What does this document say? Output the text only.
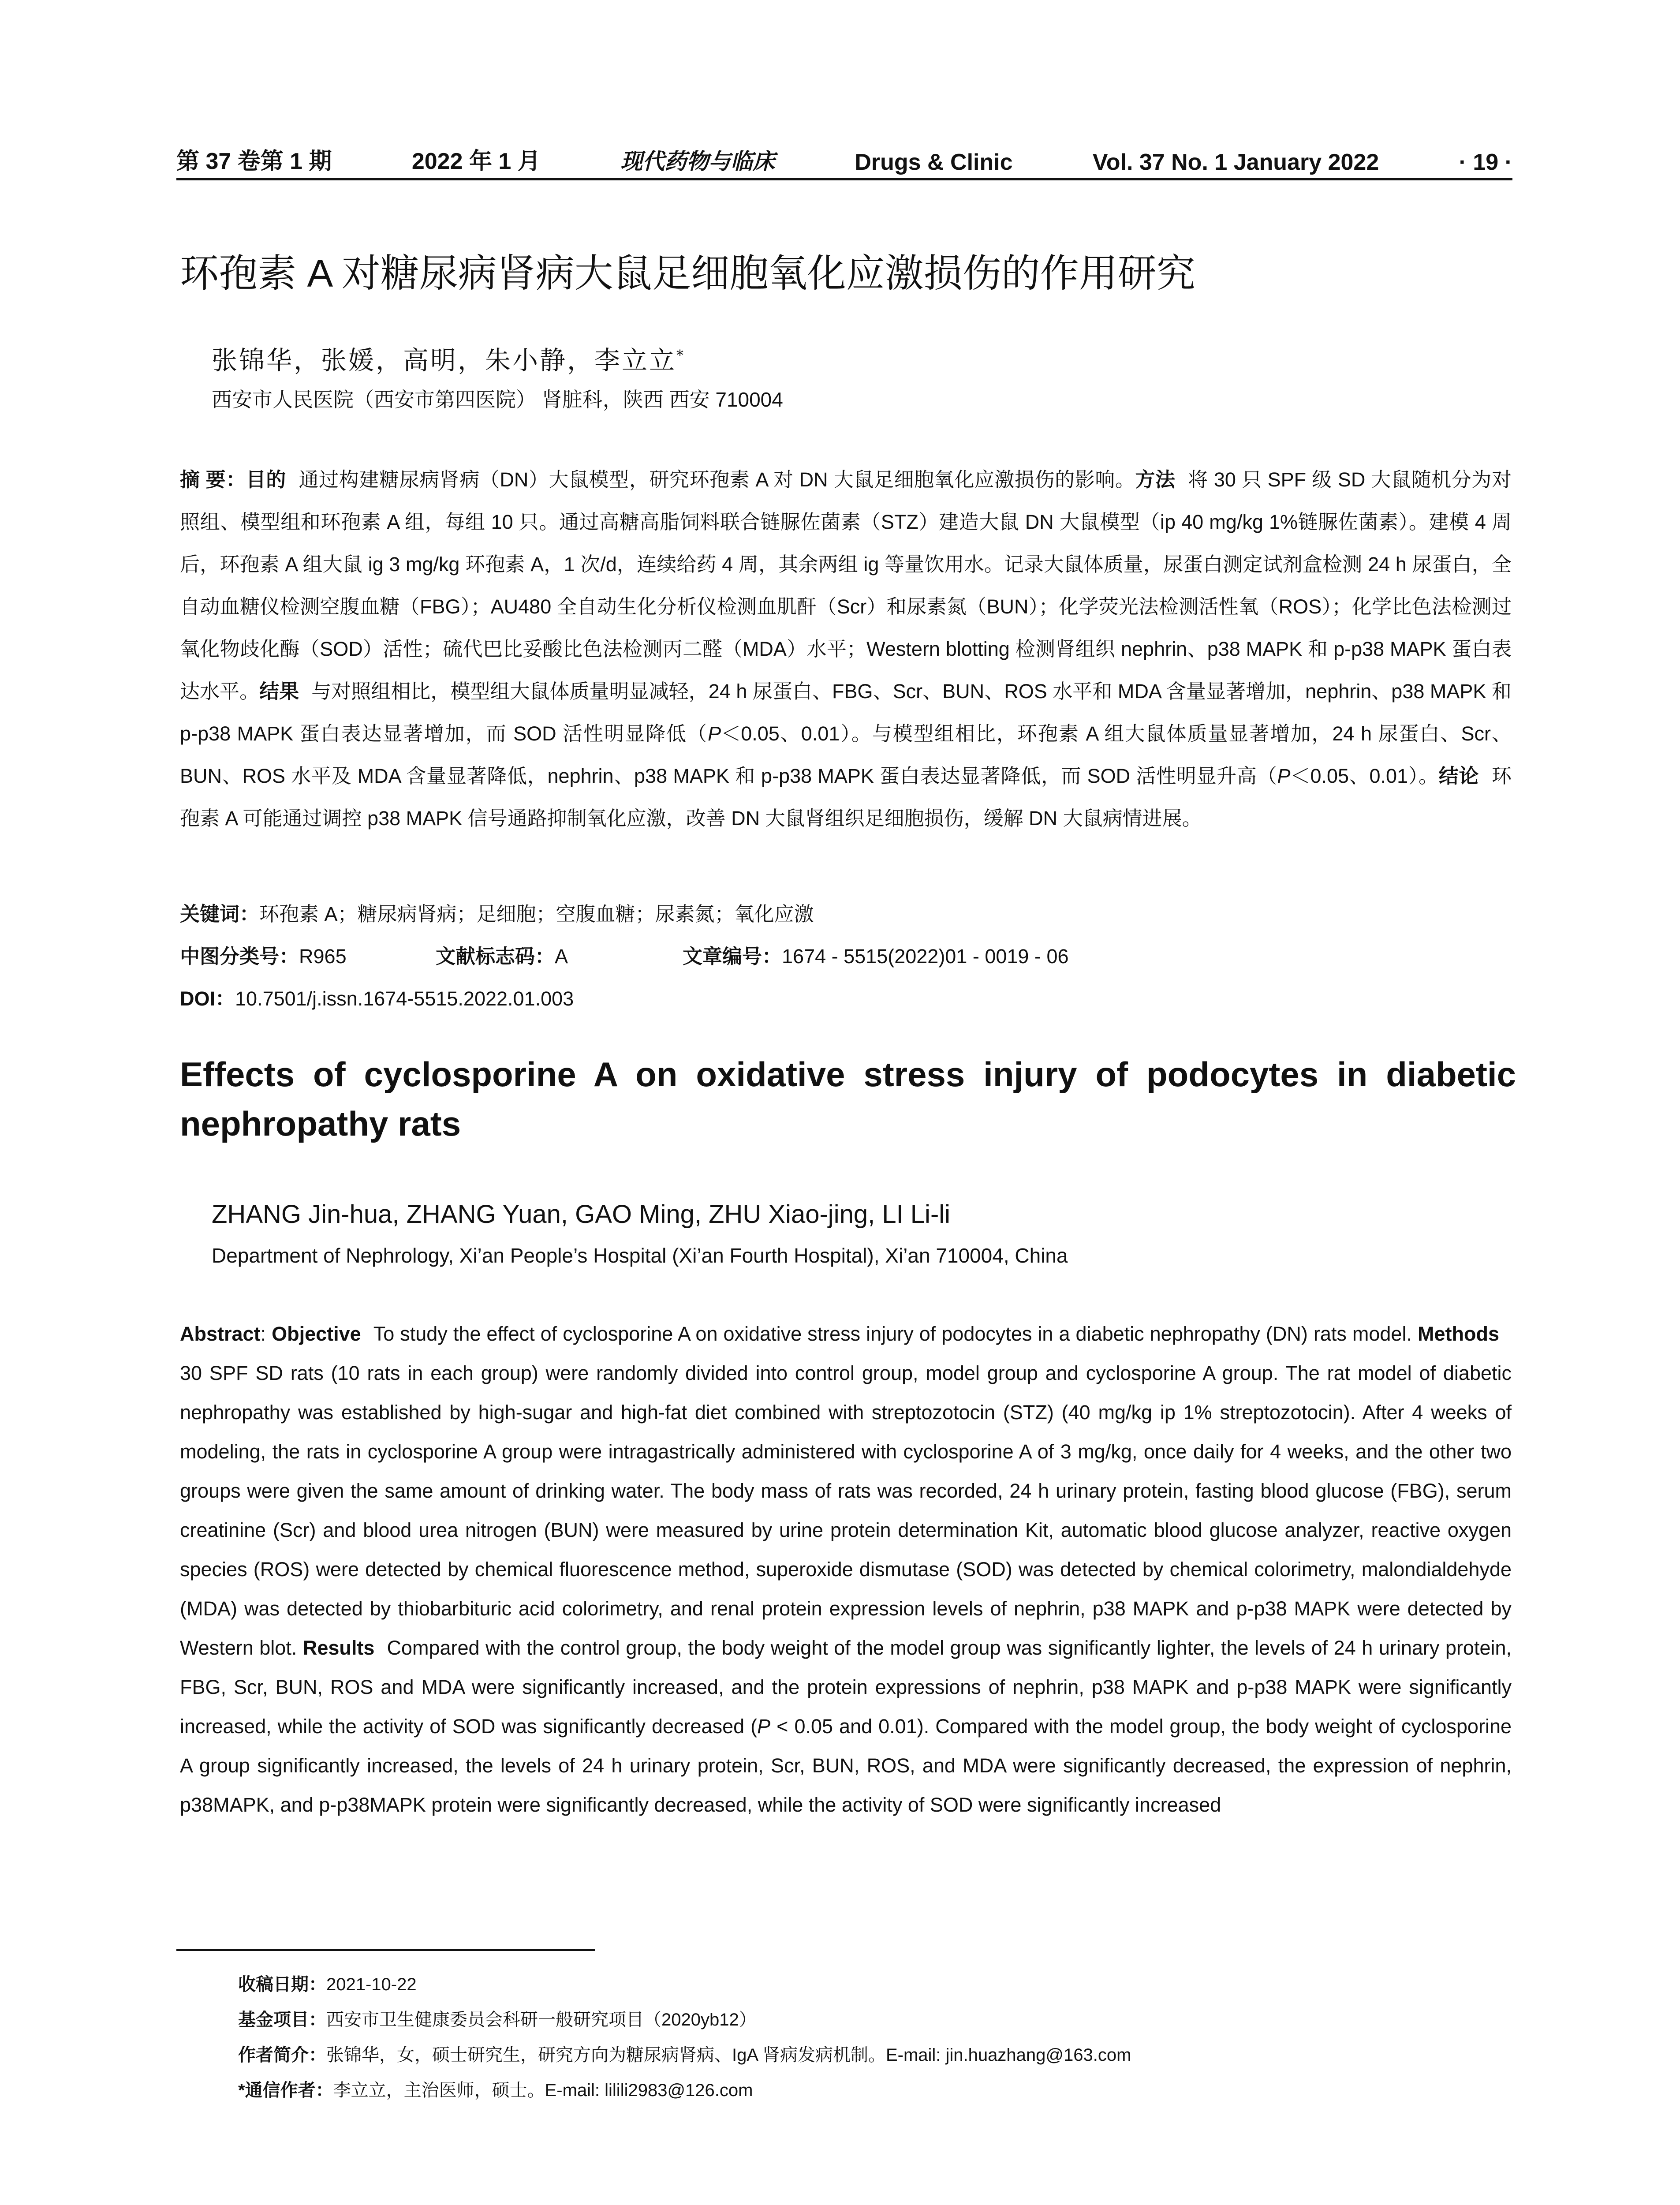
第 37 卷第 1 期	2022 年 1 月	现代药物与临床	Drugs & Clinic	Vol. 37 No. 1 January 2022	· 19 ·
环孢素 A 对糖尿病肾病大鼠足细胞氧化应激损伤的作用研究
张锦华，张媛，高明，朱小静，李立立*
西安市人民医院（西安市第四医院） 肾脏科，陕西 西安 710004
摘 要：目的 通过构建糖尿病肾病（DN）大鼠模型，研究环孢素 A 对 DN 大鼠足细胞氧化应激损伤的影响。方法 将 30 只 SPF 级 SD 大鼠随机分为对照组、模型组和环孢素 A 组，每组 10 只。通过高糖高脂饲料联合链脲佐菌素（STZ）建造大鼠 DN 大鼠模型（ip 40 mg/kg 1%链脲佐菌素）。建模 4 周后，环孢素 A 组大鼠 ig 3 mg/kg 环孢素 A，1 次/d，连续给药 4 周，其余两组 ig 等量饮用水。记录大鼠体质量，尿蛋白测定试剂盒检测 24 h 尿蛋白，全自动血糖仪检测空腹血糖（FBG）；AU480 全自动生化分析仪检测血肌酐（Scr）和尿素氮（BUN）；化学荧光法检测活性氧（ROS）；化学比色法检测过氧化物歧化酶（SOD）活性；硫代巴比妥酸比色法检测丙二醛（MDA）水平；Western blotting 检测肾组织 nephrin、p38 MAPK 和 p-p38 MAPK 蛋白表达水平。结果 与对照组相比，模型组大鼠体质量明显减轻，24 h 尿蛋白、FBG、Scr、BUN、ROS 水平和 MDA 含量显著增加，nephrin、p38 MAPK 和 p-p38 MAPK 蛋白表达显著增加，而 SOD 活性明显降低（P＜0.05、0.01）。与模型组相比，环孢素 A 组大鼠体质量显著增加，24 h 尿蛋白、Scr、BUN、ROS 水平及 MDA 含量显著降低，nephrin、p38 MAPK 和 p-p38 MAPK 蛋白表达显著降低，而 SOD 活性明显升高（P＜0.05、0.01）。结论 环孢素 A 可能通过调控 p38 MAPK 信号通路抑制氧化应激，改善 DN 大鼠肾组织足细胞损伤，缓解 DN 大鼠病情进展。
关键词：环孢素 A；糖尿病肾病；足细胞；空腹血糖；尿素氮；氧化应激
中图分类号：R965	文献标志码：A	文章编号：1674 - 5515(2022)01 - 0019 - 06
DOI：10.7501/j.issn.1674-5515.2022.01.003
Effects of cyclosporine A on oxidative stress injury of podocytes in diabetic nephropathy rats
ZHANG Jin-hua, ZHANG Yuan, GAO Ming, ZHU Xiao-jing, LI Li-li
Department of Nephrology, Xi’an People’s Hospital (Xi’an Fourth Hospital), Xi’an 710004, China
Abstract: Objective To study the effect of cyclosporine A on oxidative stress injury of podocytes in a diabetic nephropathy (DN) rats model. Methods30 SPF SD rats (10 rats in each group) were randomly divided into control group, model group and cyclosporine A group. The rat model of diabetic nephropathy was established by high-sugar and high-fat diet combined with streptozotocin (STZ) (40 mg/kg ip 1% streptozotocin). After 4 weeks of modeling, the rats in cyclosporine A group were intragastrically administered with cyclosporine A of 3 mg/kg, once daily for 4 weeks, and the other two groups were given the same amount of drinking water. The body mass of rats was recorded, 24 h urinary protein, fasting blood glucose (FBG), serum creatinine (Scr) and blood urea nitrogen (BUN) were measured by urine protein determination Kit, automatic blood glucose analyzer, reactive oxygen species (ROS) were detected by chemical fluorescence method, superoxide dismutase (SOD) was detected by chemical colorimetry, malondialdehyde (MDA) was detected by thiobarbituric acid colorimetry, and renal protein expression levels of nephrin, p38 MAPK and p-p38 MAPK were detected by Western blot. Results Compared with the control group, the body weight of the model group was significantly lighter, the levels of 24 h urinary protein, FBG, Scr, BUN, ROS and MDA were significantly increased, and the protein expressions of nephrin, p38 MAPK and p-p38 MAPK were significantly increased, while the activity of SOD was significantly decreased (P < 0.05 and 0.01). Compared with the model group, the body weight of cyclosporine A group significantly increased, the levels of 24 h urinary protein, Scr, BUN, ROS, and MDA were significantly decreased, the expression of nephrin, p38MAPK, and p-p38MAPK protein were significantly decreased, while the activity of SOD were significantly increased
收稿日期：2021-10-22
基金项目：西安市卫生健康委员会科研一般研究项目（2020yb12）
作者简介：张锦华，女，硕士研究生，研究方向为糖尿病肾病、IgA 肾病发病机制。E-mail: jin.huazhang@163.com
*通信作者：李立立，主治医师，硕士。E-mail: lilili2983@126.com
